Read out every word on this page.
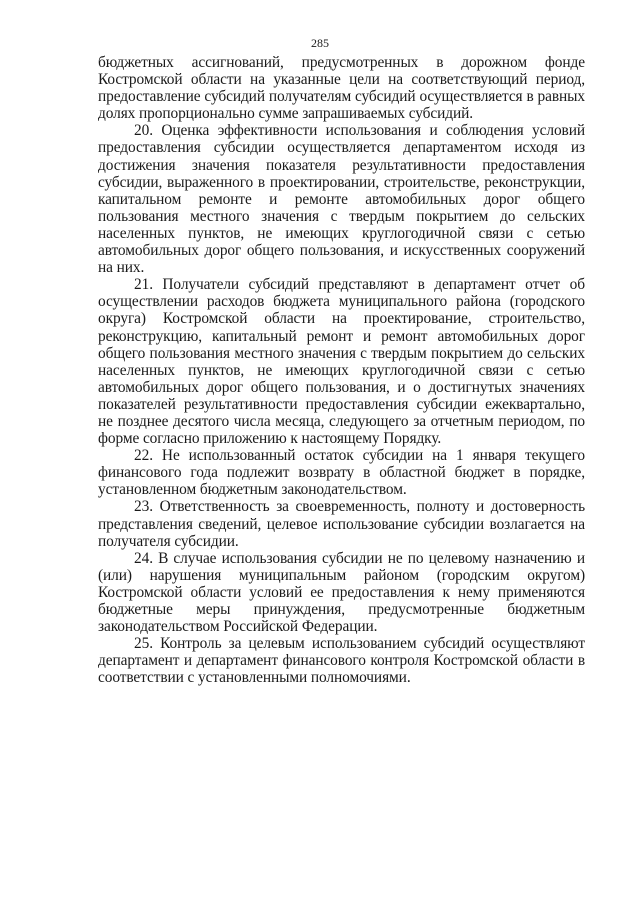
285

бюджетных ассигнований, предусмотренных в дорожном фонде Костромской области на указанные цели на соответствующий период, предоставление субсидий получателям субсидий осуществляется в равных долях пропорционально сумме запрашиваемых субсидий.

20. Оценка эффективности использования и соблюдения условий предоставления субсидии осуществляется департаментом исходя из достижения значения показателя результативности предоставления субсидии, выраженного в проектировании, строительстве, реконструкции, капитальном ремонте и ремонте автомобильных дорог общего пользования местного значения с твердым покрытием до сельских населенных пунктов, не имеющих круглогодичной связи с сетью автомобильных дорог общего пользования, и искусственных сооружений на них.

21. Получатели субсидий представляют в департамент отчет об осуществлении расходов бюджета муниципального района (городского округа) Костромской области на проектирование, строительство, реконструкцию, капитальный ремонт и ремонт автомобильных дорог общего пользования местного значения с твердым покрытием до сельских населенных пунктов, не имеющих круглогодичной связи с сетью автомобильных дорог общего пользования, и о достигнутых значениях показателей результативности предоставления субсидии ежеквартально, не позднее десятого числа месяца, следующего за отчетным периодом, по форме согласно приложению к настоящему Порядку.

22. Не использованный остаток субсидии на 1 января текущего финансового года подлежит возврату в областной бюджет в порядке, установленном бюджетным законодательством.

23. Ответственность за своевременность, полноту и достоверность представления сведений, целевое использование субсидии возлагается на получателя субсидии.

24. В случае использования субсидии не по целевому назначению и (или) нарушения муниципальным районом (городским округом) Костромской области условий ее предоставления к нему применяются бюджетные меры принуждения, предусмотренные бюджетным законодательством Российской Федерации.

25. Контроль за целевым использованием субсидий осуществляют департамент и департамент финансового контроля Костромской области в соответствии с установленными полномочиями.
